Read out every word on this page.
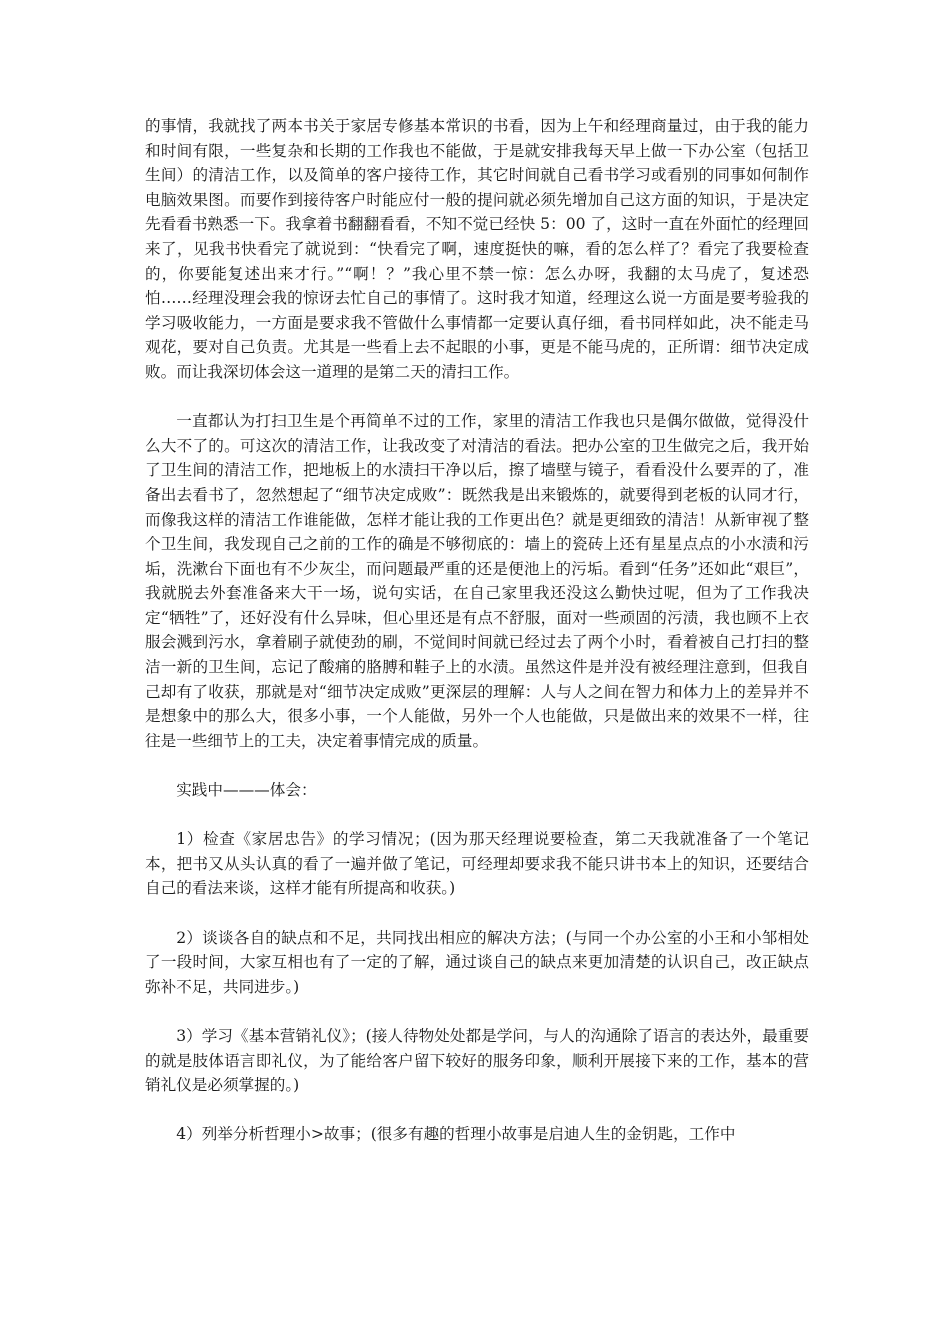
的事情，我就找了两本书关于家居专修基本常识的书看，因为上午和经理商量过，由于我的能力和时间有限，一些复杂和长期的工作我也不能做，于是就安排我每天早上做一下办公室（包括卫生间）的清洁工作，以及简单的客户接待工作，其它时间就自己看书学习或看别的同事如何制作电脑效果图。而要作到接待客户时能应付一般的提问就必须先增加自己这方面的知识，于是决定先看看书熟悉一下。我拿着书翻翻看看，不知不觉已经快 5：00 了，这时一直在外面忙的经理回来了，见我书快看完了就说到：“快看完了啊，速度挺快的嘛，看的怎么样了？看完了我要检查的，你要能复述出来才行。”“啊！？”我心里不禁一惊：怎么办呀，我翻的太马虎了，复述恐怕……经理没理会我的惊讶去忙自己的事情了。这时我才知道，经理这么说一方面是要考验我的学习吸收能力，一方面是要求我不管做什么事情都一定要认真仔细，看书同样如此，决不能走马观花，要对自己负责。尤其是一些看上去不起眼的小事，更是不能马虎的，正所谓：细节决定成败。而让我深切体会这一道理的是第二天的清扫工作。

一直都认为打扫卫生是个再简单不过的工作，家里的清洁工作我也只是偶尔做做，觉得没什么大不了的。可这次的清洁工作，让我改变了对清洁的看法。把办公室的卫生做完之后，我开始了卫生间的清洁工作，把地板上的水渍扫干净以后，擦了墙壁与镜子，看看没什么要弄的了，准备出去看书了，忽然想起了“细节决定成败”：既然我是出来锻炼的，就要得到老板的认同才行，而像我这样的清洁工作谁能做，怎样才能让我的工作更出色？就是更细致的清洁！从新审视了整个卫生间，我发现自己之前的工作的确是不够彻底的：墙上的瓷砖上还有星星点点的小水渍和污垢，洗漱台下面也有不少灰尘，而问题最严重的还是便池上的污垢。看到“任务”还如此“艰巨”，我就脱去外套准备来大干一场，说句实话，在自己家里我还没这么勤快过呢，但为了工作我决定“牺牲”了，还好没有什么异味，但心里还是有点不舒服，面对一些顽固的污渍，我也顾不上衣服会溅到污水，拿着刷子就使劲的刷，不觉间时间就已经过去了两个小时，看着被自己打扫的整洁一新的卫生间，忘记了酸痛的胳膊和鞋子上的水渍。虽然这件是并没有被经理注意到，但我自己却有了收获，那就是对“细节决定成败”更深层的理解：人与人之间在智力和体力上的差异并不是想象中的那么大，很多小事，一个人能做，另外一个人也能做，只是做出来的效果不一样，往往是一些细节上的工夫，决定着事情完成的质量。

实践中———体会：

1）检查《家居忠告》的学习情况；(因为那天经理说要检查，第二天我就准备了一个笔记本，把书又从头认真的看了一遍并做了笔记，可经理却要求我不能只讲书本上的知识，还要结合自己的看法来谈，这样才能有所提高和收获。)

2）谈谈各自的缺点和不足，共同找出相应的解决方法；(与同一个办公室的小王和小邹相处了一段时间，大家互相也有了一定的了解，通过谈自己的缺点来更加清楚的认识自己，改正缺点弥补不足，共同进步。)

3）学习《基本营销礼仪》；(接人待物处处都是学问，与人的沟通除了语言的表达外，最重要的就是肢体语言即礼仪，为了能给客户留下较好的服务印象，顺利开展接下来的工作，基本的营销礼仪是必须掌握的。)

4）列举分析哲理小>故事；(很多有趣的哲理小故事是启迪人生的金钥匙，工作中
